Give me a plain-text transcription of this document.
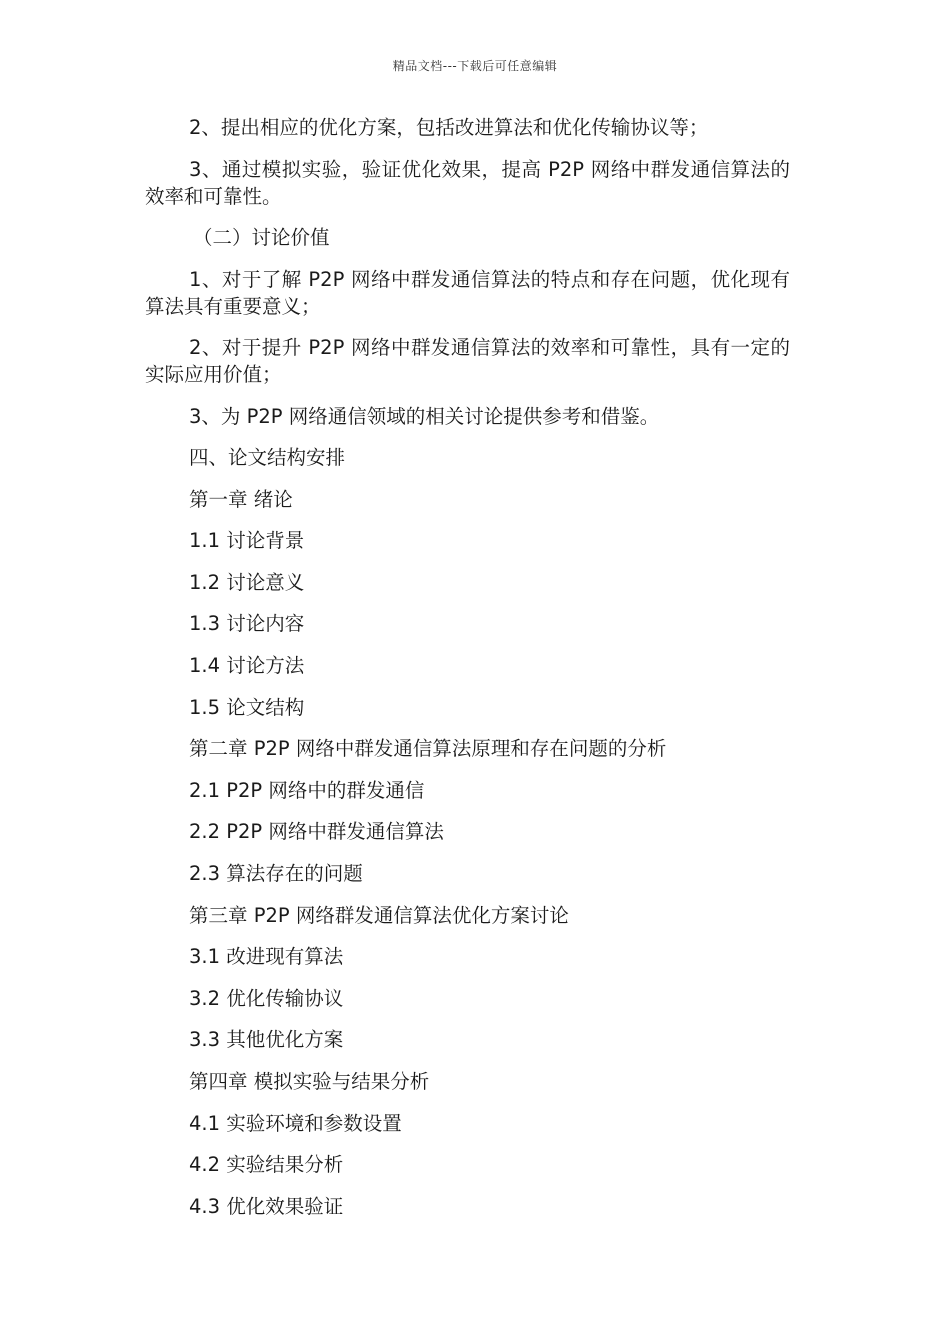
精品文档---下载后可任意编辑

2、提出相应的优化方案，包括改进算法和优化传输协议等；

3、通过模拟实验，验证优化效果，提高 P2P 网络中群发通信算法的效率和可靠性。

（二）讨论价值

1、对于了解 P2P 网络中群发通信算法的特点和存在问题，优化现有算法具有重要意义；

2、对于提升 P2P 网络中群发通信算法的效率和可靠性，具有一定的实际应用价值；

3、为 P2P 网络通信领域的相关讨论提供参考和借鉴。

四、论文结构安排
第一章 绪论
1.1 讨论背景
1.2 讨论意义
1.3 讨论内容
1.4 讨论方法
1.5 论文结构
第二章 P2P 网络中群发通信算法原理和存在问题的分析
2.1 P2P 网络中的群发通信
2.2 P2P 网络中群发通信算法
2.3 算法存在的问题
第三章 P2P 网络群发通信算法优化方案讨论
3.1 改进现有算法
3.2 优化传输协议
3.3 其他优化方案
第四章 模拟实验与结果分析
4.1 实验环境和参数设置
4.2 实验结果分析
4.3 优化效果验证
